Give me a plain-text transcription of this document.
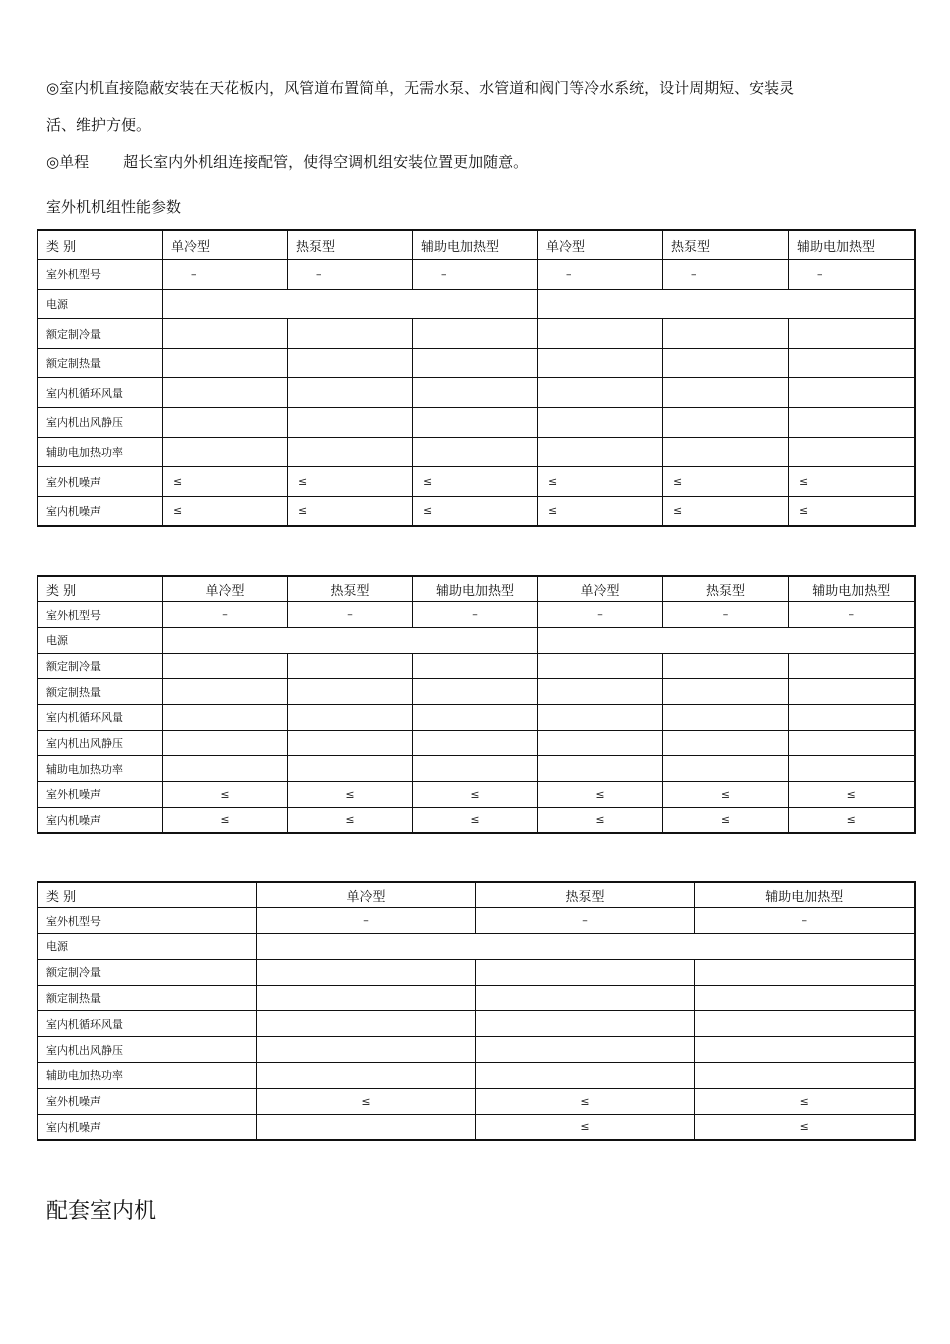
◎室内机直接隐蔽安装在天花板内，风管道布置简单，无需水泵、水管道和阀门等冷水系统，设计周期短、安装灵
活、维护方便。
◎单程 超长室内外机组连接配管，使得空调机组安装位置更加随意。
室外机机组性能参数
类 别	单冷型	热泵型	辅助电加热型	单冷型	热泵型	辅助电加热型
室外机型号	–	–	–	–	–	–
电源						
额定制冷量						
额定制热量						
室内机循环风量						
室内机出风静压						
辅助电加热功率						
室外机噪声	≤	≤	≤	≤	≤	≤
室内机噪声	≤	≤	≤	≤	≤	≤
类 别	单冷型	热泵型	辅助电加热型	单冷型	热泵型	辅助电加热型
室外机型号	–	–	–	–	–	–
电源						
额定制冷量						
额定制热量						
室内机循环风量						
室内机出风静压						
辅助电加热功率						
室外机噪声	≤	≤	≤	≤	≤	≤
室内机噪声	≤	≤	≤	≤	≤	≤
类 别	单冷型	热泵型	辅助电加热型
室外机型号	–	–	–
电源			
额定制冷量			
额定制热量			
室内机循环风量			
室内机出风静压			
辅助电加热功率			
室外机噪声	≤	≤	≤
室内机噪声		≤	≤
配套室内机
